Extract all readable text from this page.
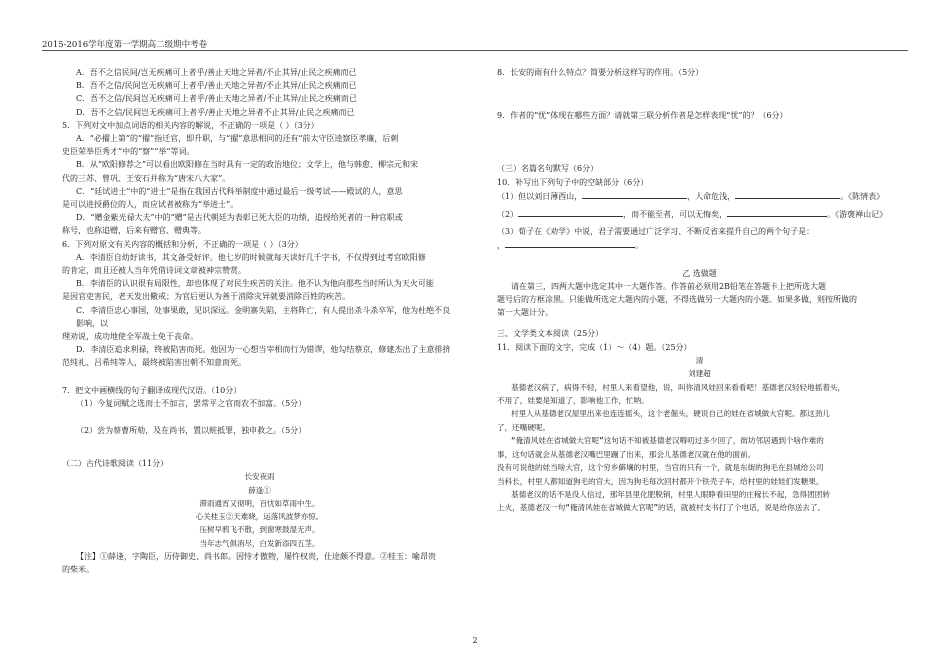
2015-2016学年度第一学期高二级期中考卷

A．吾不之信民间/岂无疾痛可上者乎/善止天地之异者/不止其异/止民之疾痛而已

B．吾不之信/民间岂无疾痛可上者乎/善止天地之异者/不止其异/止民之疾痛而已

C．吾不之信/民间岂无疾痛可上者乎/善止天地之异者/不止其异/止民之疾痛而已

D．吾不之信/民间岂无疾痛可上者乎/善止天地之异者不止其异/止民之疾痛而已

5．下列对文中加点词语的相关内容的解说，不正确的一项是（ ）（3分）

A．“必擢上第”的“擢”指迁官，即升职，与“擢”意思相同的还有“前太守臣逵察臣孝廉，后刺

史臣荣举臣秀才”中的“察”“举”等词。

B．从“欧阳修荐之”可以看出欧阳修在当时具有一定的政治地位；文学上，他与韩愈、柳宗元和宋

代的三苏、曾巩、王安石并称为“唐宋八大家”。

C．“廷试进士”中的“进士”是指在我国古代科举制度中通过最后一级考试——殿试的人，意思

是可以进授爵位的人，而应试者被称为“举进士”。

D．“赠金紫光禄大夫”中的“赠”是古代朝廷为表彰已死大臣的功绩，追授给死者的一种官职或

称号，也称追赠，后来有赠官、赠典等。

6．下列对原文有关内容的概括和分析，不正确的一项是（ ）（3分）

A．李清臣自幼好读书，其文备受好评。他七岁的时候就每天读好几千字书，不仅得到过考官欧阳修

的肯定，而且还被人当年凭借诗词文章被神宗赞赏。

B．李清臣的认识很有局限性，却也体现了对民生疾苦的关注。他不认为他向那些当时所认为天火可能

是因官吏害民，老天发出儆戒；为官后更认为善于消除灾异就要消除百姓的疾苦。

C．李清臣忠心事国，处事果敢，见识深远。金明寨失陷，主将阵亡，有人提出杀斗杀卒军，他为杜绝不良影响，以

理劝说，成功地使全军战士免于丧命。

D．李清臣追求利禄，终被陷害而死。他因为一心想当宰相而行为错谬，他勾结蔡京，修建杰出了主意排挤

范纯礼、吕希纯等人，最终被陷害出朝不知意而死。

7．把文中画横线的句子翻译成现代汉语。（10分）

（1）今复词赋之选而士不加言，罢常平之官而农不加富。（5分）

（2）尝为蔡曹所劾，及在尚书，置以赃抵罪，独申救之。（5分）

（二）古代诗歌阅读（11分）

长安夜雨

薛逢①

滞雨通宵又彻明，百忧如草雨中生。

心关桂玉②天难晓，运落风波梦亦惊。

压树早鸦飞不散，到窗寒鼓湿无声。

当年志气俱消尽，白发新添四五茎。

【注】①薛逢，字陶臣，历侍御史、尚书郎。因恃才傲物，屡忤权贵，仕途颇不得意。②桂玉：喻昂贵

的柴米。

8．长安的雨有什么特点？简要分析这样写的作用。（5分）

9．作者的“忧”体现在哪些方面？请就第三联分析作者是怎样表现“忧”的？（6分）

（三）名篇名句默写（6分）

10．补写出下列句子中的空缺部分（6分）

（1）但以刘日薄西山，	，人命危浅，	。《陈情表》

（2）	，而不能至者，可以无悔矣，	。《游褒禅山记》

（3）荀子在《劝学》中说，君子需要通过广泛学习、不断反省来提升自己的两个句子是：

，	。

乙 选做题

请在第三，四两大题中选定其中一大题作答。作答前必须用2B铅笔在答题卡上把所选大题

题号后的方框涂黑。只能做所选定大题内的小题，不得选做另一大题内的小题。如果多做，则按所做的

第一大题计分。

三、文学类文本阅读（25分）

11．阅读下面的文字，完成（1）～（4）题。（25分）

清

刘建超

基德老汉病了，病得不轻，村里人来看望他，说，叫你清风娃回来看看吧！基德老汉轻轻地摇着头，

不用了，娃要是知道了，影响他工作，忙呐。

村里人从基德老汉屋里出来也连连摇头，这个老倔头，硬说自己的娃在省城做大官呢。都这劲儿

了，还嘴硬呢。

“俺清风娃在省城做大官呢”这句话不知被基德老汉嘚叨过多少回了，街坊邻居遇到个啥作难的

事，这句话就会从基德老汉嘴巴里蹦了出来，那会儿基德老汉就在他的面前。

没有可说他的娃当啥大官，这个穷乡僻壤的村里，当官的只有一个，就是东街的狗毛在县城给公司

当科长，村里人都知道狗毛的官大，因为狗毛每次回村都开个铁壳子车，给村里的娃娃们发糖果。

基德老汉的话不是没人信过，那年县里化肥脱销，村里人眼睁看田里的庄稼长不起，急得团团转

上火，基德老汉一句“俺清风娃在省城做大官呢”的话，就被村支书打了个电话，说是给你送去了。

2
